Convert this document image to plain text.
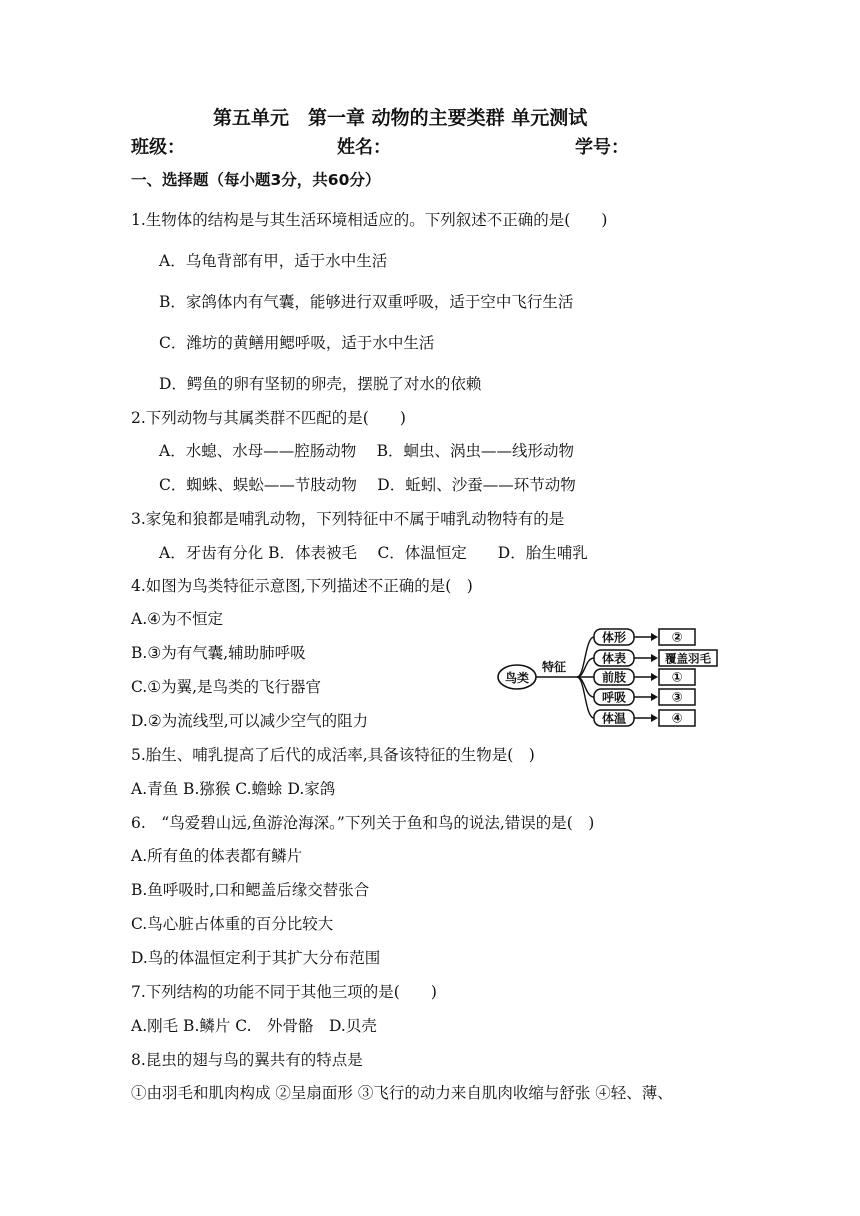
第五单元　第一章 动物的主要类群 单元测试
班级：	姓名：	学号：
一、选择题（每小题3分，共60分）
1.生物体的结构是与其生活环境相适应的。下列叙述不正确的是(　　)
A．乌龟背部有甲，适于水中生活
B．家鸽体内有气囊，能够进行双重呼吸，适于空中飞行生活
C．潍坊的黄鳝用鳃呼吸，适于水中生活
D．鳄鱼的卵有坚韧的卵壳，摆脱了对水的依赖
2.下列动物与其属类群不匹配的是(　　)
A．水螅、水母——腔肠动物　 B．蛔虫、涡虫——线形动物
C．蜘蛛、蜈蚣——节肢动物　 D．蚯蚓、沙蚕——环节动物
3.家兔和狼都是哺乳动物，下列特征中不属于哺乳动物特有的是
A．牙齿有分化 B．体表被毛　 C．体温恒定　　D．胎生哺乳
4.如图为鸟类特征示意图,下列描述不正确的是(　)
A.④为不恒定
B.③为有气囊,辅助肺呼吸
C.①为翼,是鸟类的飞行器官
D.②为流线型,可以减少空气的阻力
鸟类
特征
体形	②
体表	覆盖羽毛
前肢	①
呼吸	③
体温	④
5.胎生、哺乳提高了后代的成活率,具备该特征的生物是(　)
A.青鱼 B.猕猴 C.蟾蜍 D.家鸽
6.　“鸟爱碧山远,鱼游沧海深。”下列关于鱼和鸟的说法,错误的是(　)
A.所有鱼的体表都有鳞片
B.鱼呼吸时,口和鳃盖后缘交替张合
C.鸟心脏占体重的百分比较大
D.鸟的体温恒定利于其扩大分布范围
7.下列结构的功能不同于其他三项的是(　　)
A.刚毛 B.鳞片 C.　外骨骼　D.贝壳
8.昆虫的翅与鸟的翼共有的特点是
①由羽毛和肌肉构成 ②呈扇面形 ③飞行的动力来自肌肉收缩与舒张 ④轻、薄、
